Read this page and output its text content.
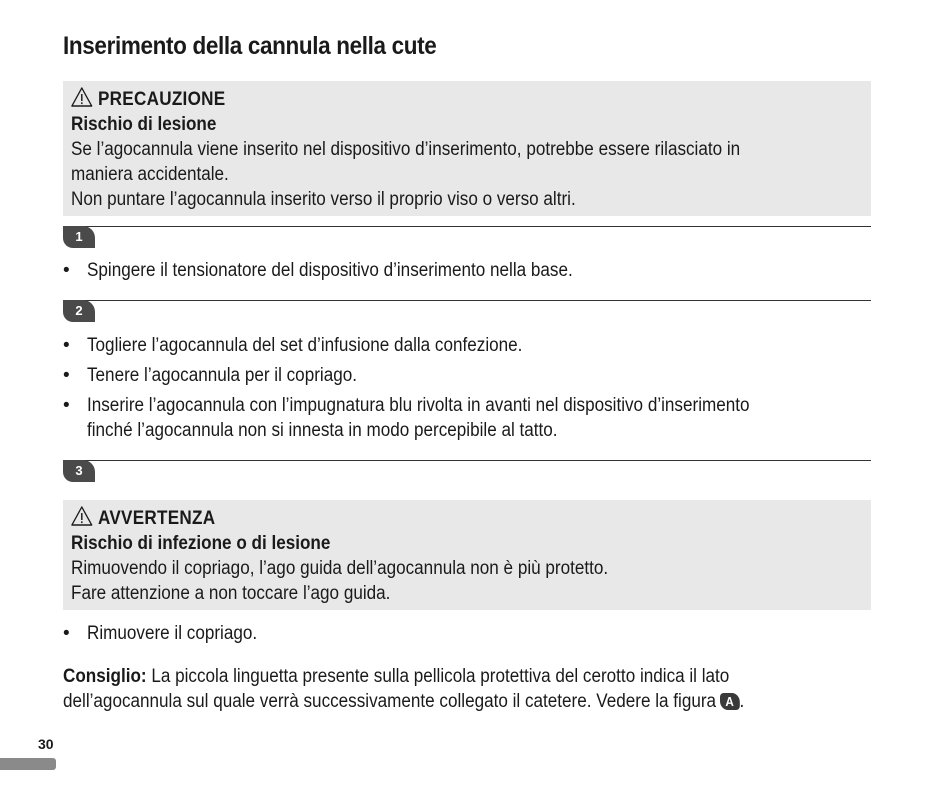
Inserimento della cannula nella cute
PRECAUZIONE
Rischio di lesione
Se l’agocannula viene inserito nel dispositivo d’inserimento, potrebbe essere rilasciato in
maniera accidentale.
Non puntare l’agocannula inserito verso il proprio viso o verso altri.
1
• Spingere il tensionatore del dispositivo d’inserimento nella base.
2
• Togliere l’agocannula del set d’infusione dalla confezione.
• Tenere l’agocannula per il copriago.
• Inserire l’agocannula con l’impugnatura blu rivolta in avanti nel dispositivo d’inserimento
finché l’agocannula non si innesta in modo percepibile al tatto.
3
AVVERTENZA
Rischio di infezione o di lesione
Rimuovendo il copriago, l’ago guida dell’agocannula non è più protetto.
Fare attenzione a non toccare l’ago guida.
• Rimuovere il copriago.
Consiglio: La piccola linguetta presente sulla pellicola protettiva del cerotto indica il lato
dell’agocannula sul quale verrà successivamente collegato il catetere. Vedere la figura A .
30
